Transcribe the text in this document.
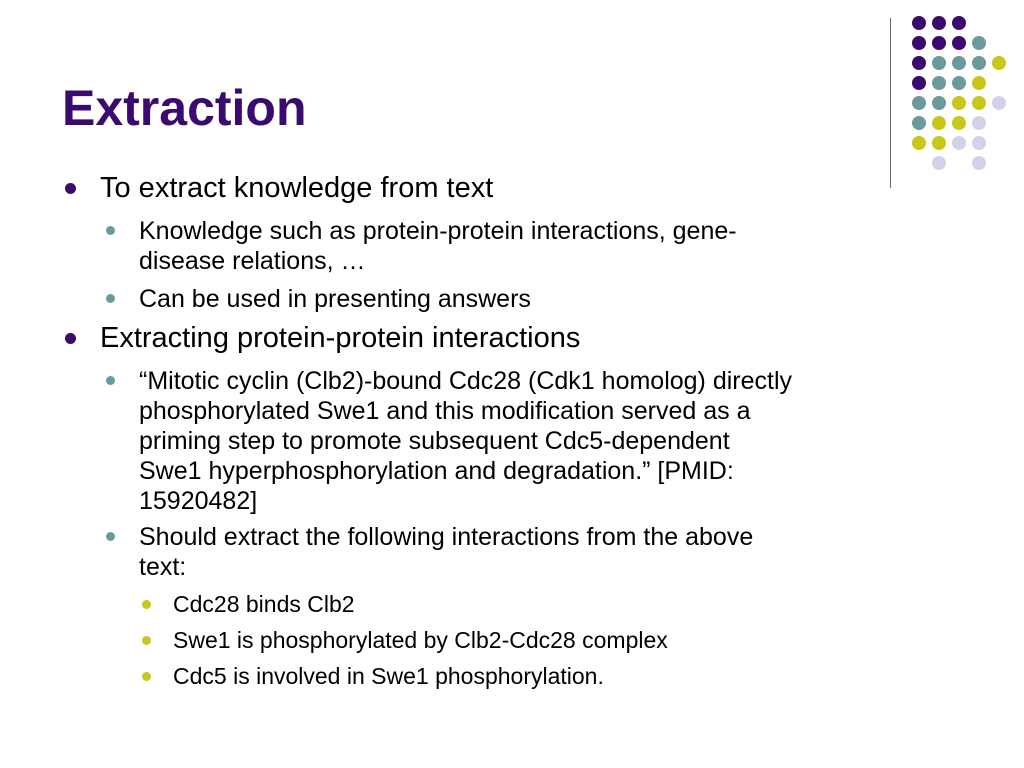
Extraction

To extract knowledge from text

Knowledge such as protein-protein interactions, gene-
disease relations, …

Can be used in presenting answers

Extracting protein-protein interactions

“Mitotic cyclin (Clb2)-bound Cdc28 (Cdk1 homolog) directly
phosphorylated Swe1 and this modification served as a
priming step to promote subsequent Cdc5-dependent
Swe1 hyperphosphorylation and degradation.” [PMID:
15920482]

Should extract the following interactions from the above
text:

Cdc28 binds Clb2

Swe1 is phosphorylated by Clb2-Cdc28 complex

Cdc5 is involved in Swe1 phosphorylation.
